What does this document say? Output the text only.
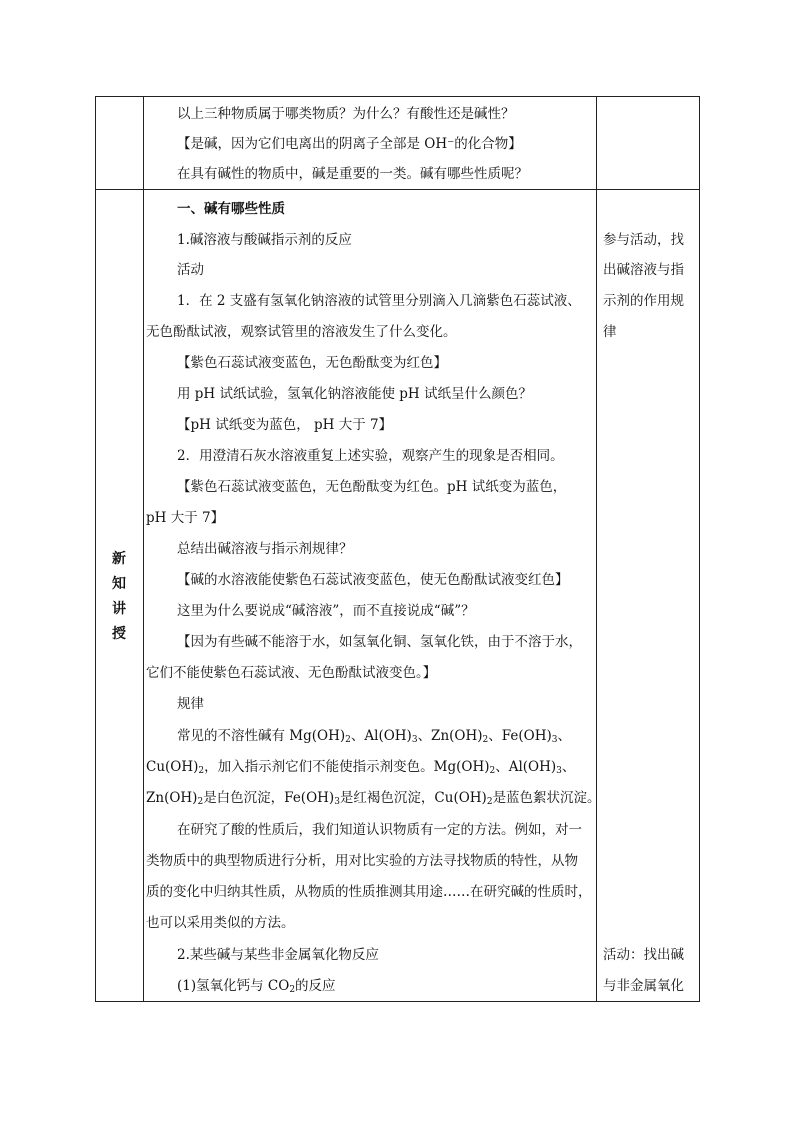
以上三种物质属于哪类物质？为什么？有酸性还是碱性？
【是碱，因为它们电离出的阴离子全部是 OH⁻的化合物】
在具有碱性的物质中，碱是重要的一类。碱有哪些性质呢？
新
知
讲
授
一、碱有哪些性质
1.碱溶液与酸碱指示剂的反应
活动
1．在 2 支盛有氢氧化钠溶液的试管里分别滴入几滴紫色石蕊试液、
无色酚酞试液，观察试管里的溶液发生了什么变化。
【紫色石蕊试液变蓝色，无色酚酞变为红色】
用 pH 试纸试验，氢氧化钠溶液能使 pH 试纸呈什么颜色？
【pH 试纸变为蓝色， pH 大于 7】
2．用澄清石灰水溶液重复上述实验，观察产生的现象是否相同。
【紫色石蕊试液变蓝色，无色酚酞变为红色。pH 试纸变为蓝色，
pH 大于 7】
总结出碱溶液与指示剂规律？
【碱的水溶液能使紫色石蕊试液变蓝色，使无色酚酞试液变红色】
这里为什么要说成“碱溶液”，而不直接说成“碱”？
【因为有些碱不能溶于水，如氢氧化铜、氢氧化铁，由于不溶于水，
它们不能使紫色石蕊试液、无色酚酞试液变色。】
规律
常见的不溶性碱有 $Mg(OH)_2$、$Al(OH)_3$、$Zn(OH)_2$、$Fe(OH)_3$、
$Cu(OH)_2$，加入指示剂它们不能使指示剂变色。$Mg(OH)_2$、$Al(OH)_3$、
$Zn(OH)_2$是白色沉淀，$Fe(OH)_3$是红褐色沉淀，$Cu(OH)_2$是蓝色絮状沉淀。
在研究了酸的性质后，我们知道认识物质有一定的方法。例如，对一
类物质中的典型物质进行分析，用对比实验的方法寻找物质的特性，从物
质的变化中归纳其性质，从物质的性质推测其用途……在研究碱的性质时，
也可以采用类似的方法。
2.某些碱与某些非金属氧化物反应
(1)氢氧化钙与 $CO_2$的反应
参与活动，找
出碱溶液与指
示剂的作用规
律
活动：找出碱
与非金属氧化
